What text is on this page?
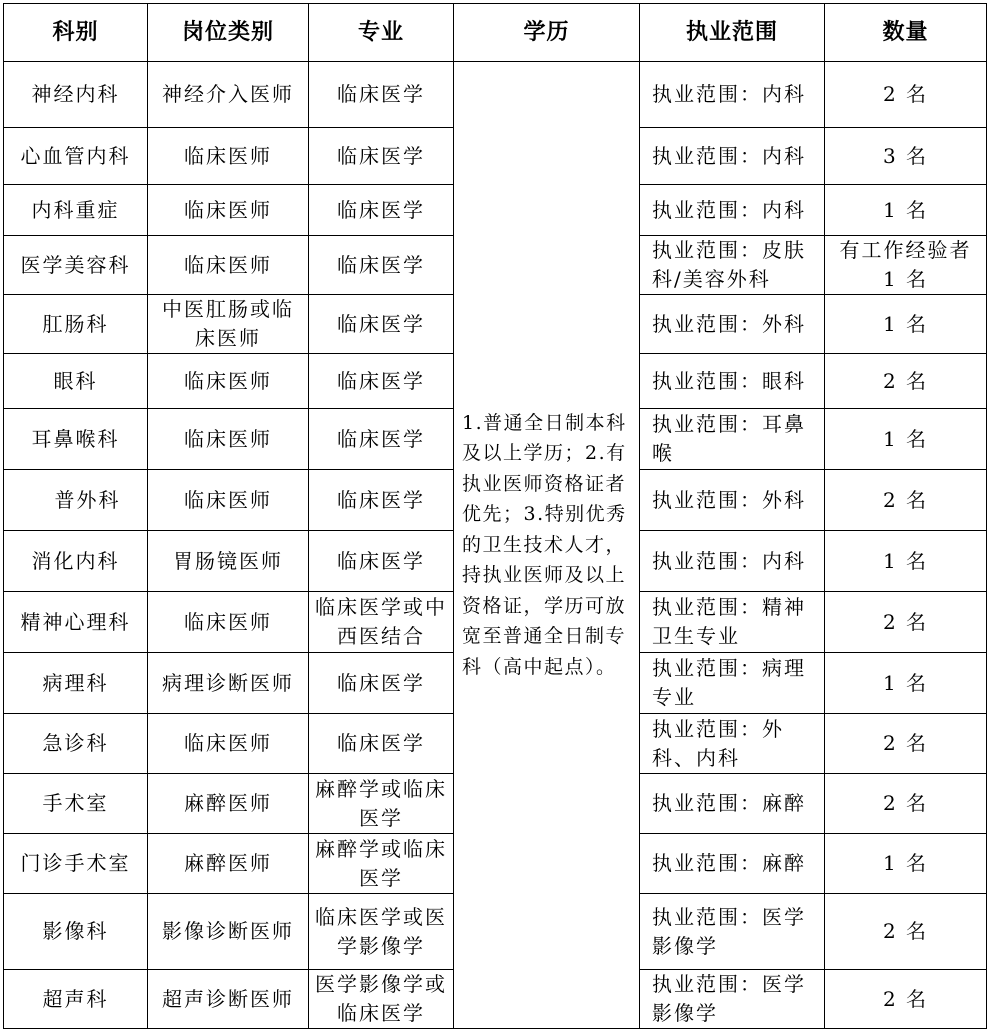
科别	岗位类别	专业	学历	执业范围	数量
神经内科	神经介入医师	临床医学	1.普通全日制本科及以上学历；2.有执业医师资格证者优先；3.特别优秀的卫生技术人才，持执业医师及以上资格证，学历可放宽至普通全日制专科（高中起点）。	执业范围：内科	2 名
心血管内科	临床医师	临床医学		执业范围：内科	3 名
内科重症	临床医师	临床医学		执业范围：内科	1 名
医学美容科	临床医师	临床医学		执业范围：皮肤科/美容外科	有工作经验者 1 名
肛肠科	中医肛肠或临床医师	临床医学		执业范围：外科	1 名
眼科	临床医师	临床医学		执业范围：眼科	2 名
耳鼻喉科	临床医师	临床医学		执业范围：耳鼻喉	1 名
普外科	临床医师	临床医学		执业范围：外科	2 名
消化内科	胃肠镜医师	临床医学		执业范围：内科	1 名
精神心理科	临床医师	临床医学或中西医结合		执业范围：精神卫生专业	2 名
病理科	病理诊断医师	临床医学		执业范围：病理专业	1 名
急诊科	临床医师	临床医学		执业范围：外科、内科	2 名
手术室	麻醉医师	麻醉学或临床医学		执业范围：麻醉	2 名
门诊手术室	麻醉医师	麻醉学或临床医学		执业范围：麻醉	1 名
影像科	影像诊断医师	临床医学或医学影像学		执业范围：医学影像学	2 名
超声科	超声诊断医师	医学影像学或临床医学		执业范围：医学影像学	2 名
